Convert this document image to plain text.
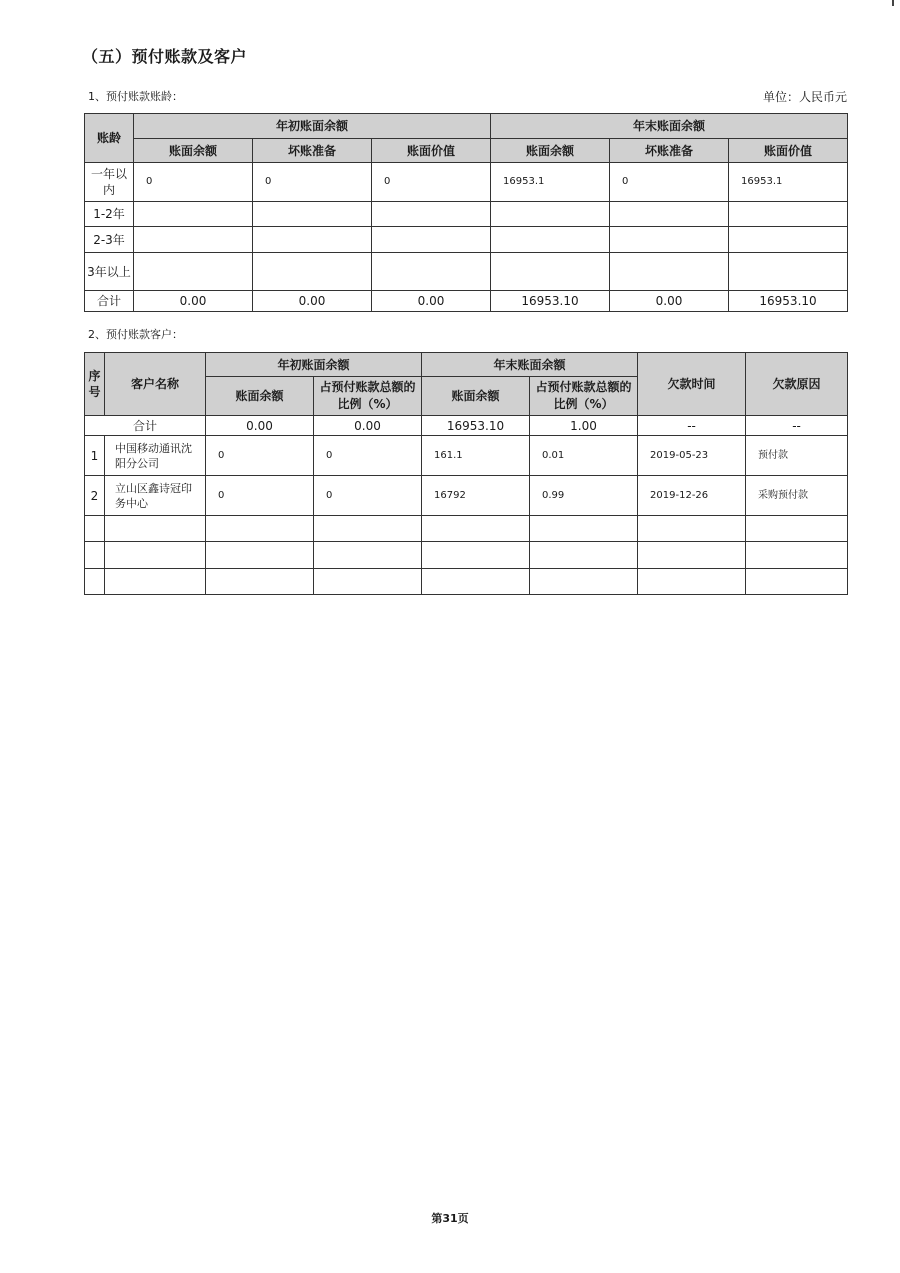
（五）预付账款及客户
1、预付账款账龄：	单位：人民币元
账龄	年初账面余额			年末账面余额		
	账面余额	坏账准备	账面价值	账面余额	坏账准备	账面价值
一年以内	0	0	0	16953.1	0	16953.1
1-2年						
2-3年						
3年以上						
合计	0.00	0.00	0.00	16953.10	0.00	16953.10
2、预付账款客户：
序号	客户名称	年初账面余额		年末账面余额		欠款时间	欠款原因
		账面余额	占预付账款总额的比例（%）	账面余额	占预付账款总额的比例（%）		
合计		0.00	0.00	16953.10	1.00	--	--
1	中国移动通讯沈阳分公司	0	0	161.1	0.01	2019-05-23	预付款
2	立山区鑫诗冠印务中心	0	0	16792	0.99	2019-12-26	采购预付款

第31页
